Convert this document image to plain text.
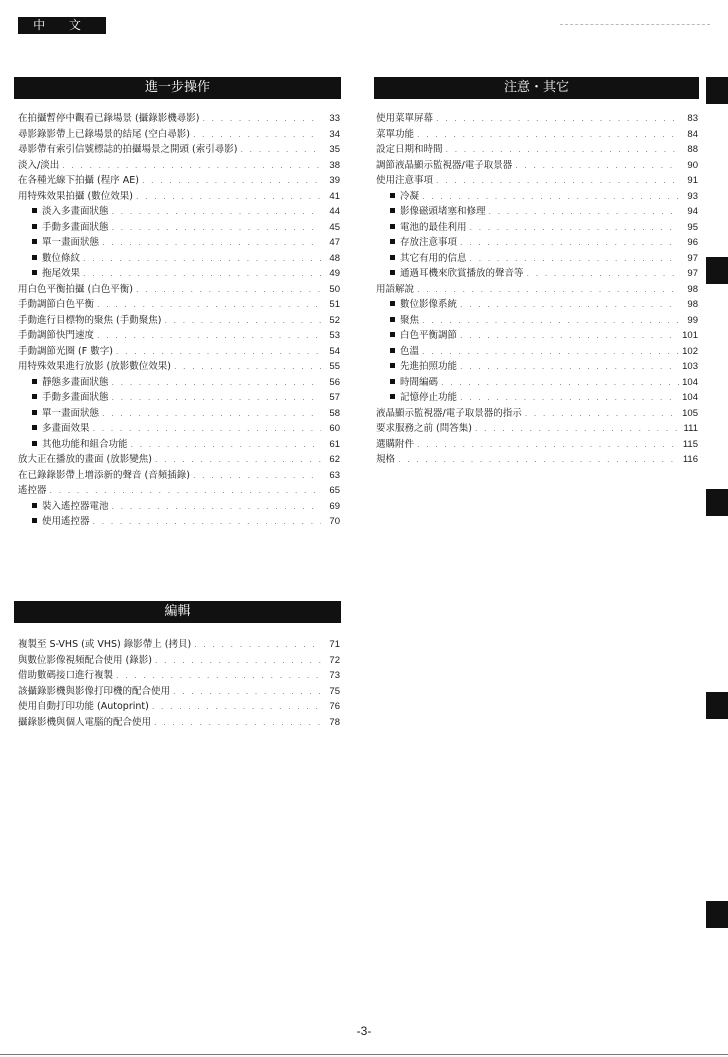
中 文
進一步操作
在拍攝暫停中觀看已錄場景 (攝錄影機尋影) . . .	33
尋影錄影帶上已錄場景的結尾 (空白尋影) . . .	34
尋影帶有索引信號標誌的拍攝場景之開頭 (索引尋影) . . .	35
淡入/淡出 . . .	38
在各種光線下拍攝 (程序 AE) . . .	39
用特殊效果拍攝 (數位效果) . . .	41
淡入多畫面狀態 . . .	44
手動多畫面狀態 . . .	45
單一畫面狀態 . . .	47
數位條紋 . . .	48
拖尾效果 . . .	49
用白色平衡拍攝 (白色平衡) . . .	50
手動調節白色平衡 . . .	51
手動進行目標物的聚焦 (手動聚焦) . . .	52
手動調節快門速度 . . .	53
手動調節光圈 (F 數字) . . .	54
用特殊效果進行放影 (放影數位效果) . . .	55
靜態多畫面狀態 . . .	56
手動多畫面狀態 . . .	57
單一畫面狀態 . . .	58
多畫面效果 . . .	60
其他功能和組合功能 . . .	61
放大正在播放的畫面 (放影變焦) . . .	62
在已錄錄影帶上增添新的聲音 (音頻插錄) . . .	63
遙控器 . . .	65
裝入遙控器電池 . . .	69
使用遙控器 . . .	70
編輯
複製至 S-VHS (或 VHS) 錄影帶上 (拷貝) . . .	71
與數位影像視頻配合使用 (錄影) . . .	72
借助數碼接口進行複製 . . .	73
該攝錄影機與影像打印機的配合使用 . . .	75
使用自動打印功能 (Autoprint) . . .	76
攝錄影機與個人電腦的配合使用 . . .	78
注意・其它
使用菜單屏幕 . . .	83
菜單功能 . . .	84
設定日期和時間 . . .	88
調節液晶顯示監視器/電子取景器 . . .	90
使用注意事項 . . .	91
冷凝 . . .	93
影像磁頭堵塞和修理 . . .	94
電池的最佳利用 . . .	95
存放注意事項 . . .	96
其它有用的信息 . . .	97
通過耳機來欣賞播放的聲音等 . . .	97
用語解說 . . .	98
數位影像系統 . . .	98
聚焦 . . .	99
白色平衡調節 . . .	101
色溫 . . .	102
先進拍照功能 . . .	103
時間編碼 . . .	104
記憶停止功能 . . .	104
液晶顯示監視器/電子取景器的指示 . . .	105
要求服務之前 (問答集) . . .	111
選購附件 . . .	115
規格 . . .	116
-3-
